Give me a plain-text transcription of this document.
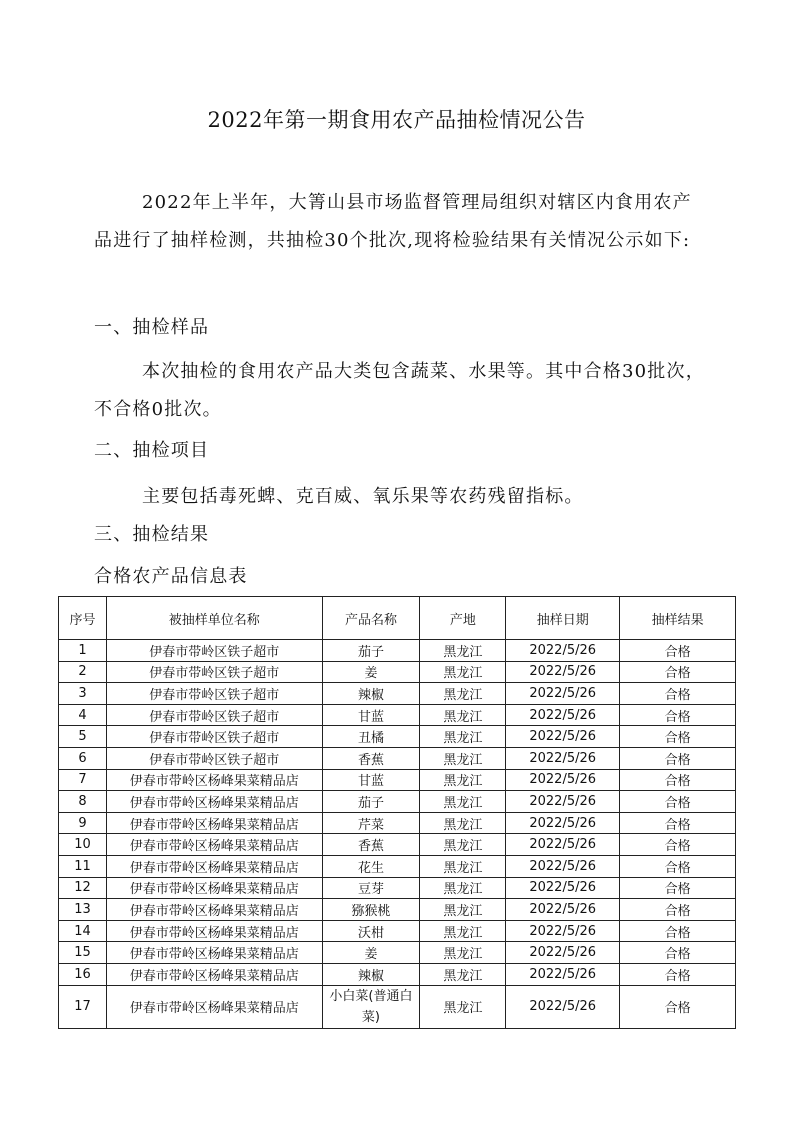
2022年第一期食用农产品抽检情况公告

2022年上半年，大箐山县市场监督管理局组织对辖区内食用农产品进行了抽样检测，共抽检30个批次,现将检验结果有关情况公示如下:

一、抽检样品

本次抽检的食用农产品大类包含蔬菜、水果等。其中合格30批次，不合格0批次。

二、抽检项目

主要包括毒死蜱、克百威、氧乐果等农药残留指标。

三、抽检结果

合格农产品信息表

序号	被抽样单位名称	产品名称	产地	抽样日期	抽样结果
1	伊春市带岭区铁子超市	茄子	黑龙江	2022/5/26	合格
2	伊春市带岭区铁子超市	姜	黑龙江	2022/5/26	合格
3	伊春市带岭区铁子超市	辣椒	黑龙江	2022/5/26	合格
4	伊春市带岭区铁子超市	甘蓝	黑龙江	2022/5/26	合格
5	伊春市带岭区铁子超市	丑橘	黑龙江	2022/5/26	合格
6	伊春市带岭区铁子超市	香蕉	黑龙江	2022/5/26	合格
7	伊春市带岭区杨峰果菜精品店	甘蓝	黑龙江	2022/5/26	合格
8	伊春市带岭区杨峰果菜精品店	茄子	黑龙江	2022/5/26	合格
9	伊春市带岭区杨峰果菜精品店	芹菜	黑龙江	2022/5/26	合格
10	伊春市带岭区杨峰果菜精品店	香蕉	黑龙江	2022/5/26	合格
11	伊春市带岭区杨峰果菜精品店	花生	黑龙江	2022/5/26	合格
12	伊春市带岭区杨峰果菜精品店	豆芽	黑龙江	2022/5/26	合格
13	伊春市带岭区杨峰果菜精品店	猕猴桃	黑龙江	2022/5/26	合格
14	伊春市带岭区杨峰果菜精品店	沃柑	黑龙江	2022/5/26	合格
15	伊春市带岭区杨峰果菜精品店	姜	黑龙江	2022/5/26	合格
16	伊春市带岭区杨峰果菜精品店	辣椒	黑龙江	2022/5/26	合格
17	伊春市带岭区杨峰果菜精品店	小白菜(普通白菜)	黑龙江	2022/5/26	合格
